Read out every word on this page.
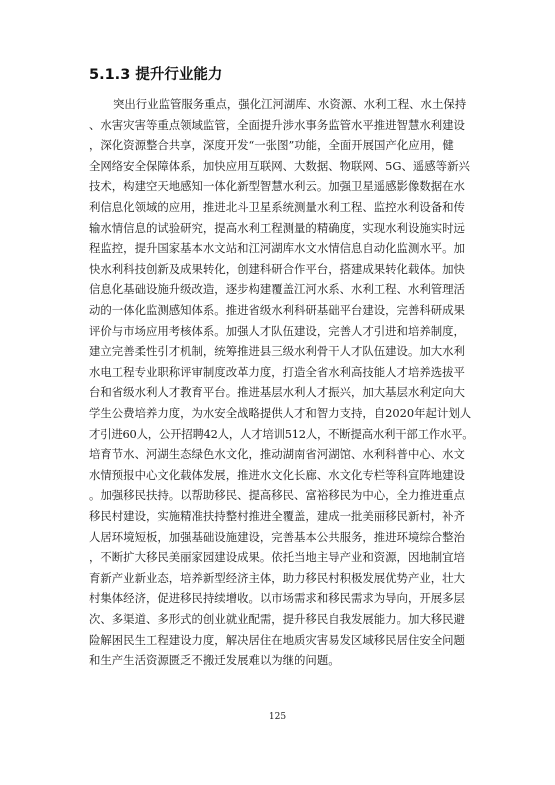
5.1.3 提升行业能力
突出行业监管服务重点，强化江河湖库、水资源、水利工程、水土保持
、水害灾害等重点领域监管，全面提升涉水事务监管水平推进智慧水利建设
，深化资源整合共享，深度开发“一张图”功能，全面开展国产化应用，健
全网络安全保障体系，加快应用互联网、大数据、物联网、5G、遥感等新兴
技术，构建空天地感知一体化新型智慧水利云。加强卫星遥感影像数据在水
利信息化领域的应用，推进北斗卫星系统测量水利工程、监控水利设备和传
输水情信息的试验研究，提高水利工程测量的精确度，实现水利设施实时远
程监控，提升国家基本水文站和江河湖库水文水情信息自动化监测水平。加
快水利科技创新及成果转化，创建科研合作平台，搭建成果转化载体。加快
信息化基础设施升级改造，逐步构建覆盖江河水系、水利工程、水利管理活
动的一体化监测感知体系。推进省级水利科研基础平台建设，完善科研成果
评价与市场应用考核体系。加强人才队伍建设，完善人才引进和培养制度，
建立完善柔性引才机制，统筹推进县三级水利骨干人才队伍建设。加大水利
水电工程专业职称评审制度改革力度，打造全省水利高技能人才培养选拔平
台和省级水利人才教育平台。推进基层水利人才振兴，加大基层水利定向大
学生公费培养力度，为水安全战略提供人才和智力支持，自2020年起计划人
才引进60人，公开招聘42人，人才培训512人，不断提高水利干部工作水平。
培育节水、河湖生态绿色水文化，推动湖南省河湖馆、水利科普中心、水文
水情预报中心文化载体发展，推进水文化长廊、水文化专栏等科宣阵地建设
。加强移民扶持。以帮助移民、提高移民、富裕移民为中心，全力推进重点
移民村建设，实施精准扶持整村推进全覆盖，建成一批美丽移民新村，补齐
人居环境短板，加强基础设施建设，完善基本公共服务，推进环境综合整治
，不断扩大移民美丽家园建设成果。依托当地主导产业和资源，因地制宜培
育新产业新业态，培养新型经济主体，助力移民村积极发展优势产业，壮大
村集体经济，促进移民持续增收。以市场需求和移民需求为导向，开展多层
次、多渠道、多形式的创业就业配需，提升移民自我发展能力。加大移民避
险解困民生工程建设力度，解决居住在地质灾害易发区域移民居住安全问题
和生产生活资源匮乏不搬迁发展难以为继的问题。
125
